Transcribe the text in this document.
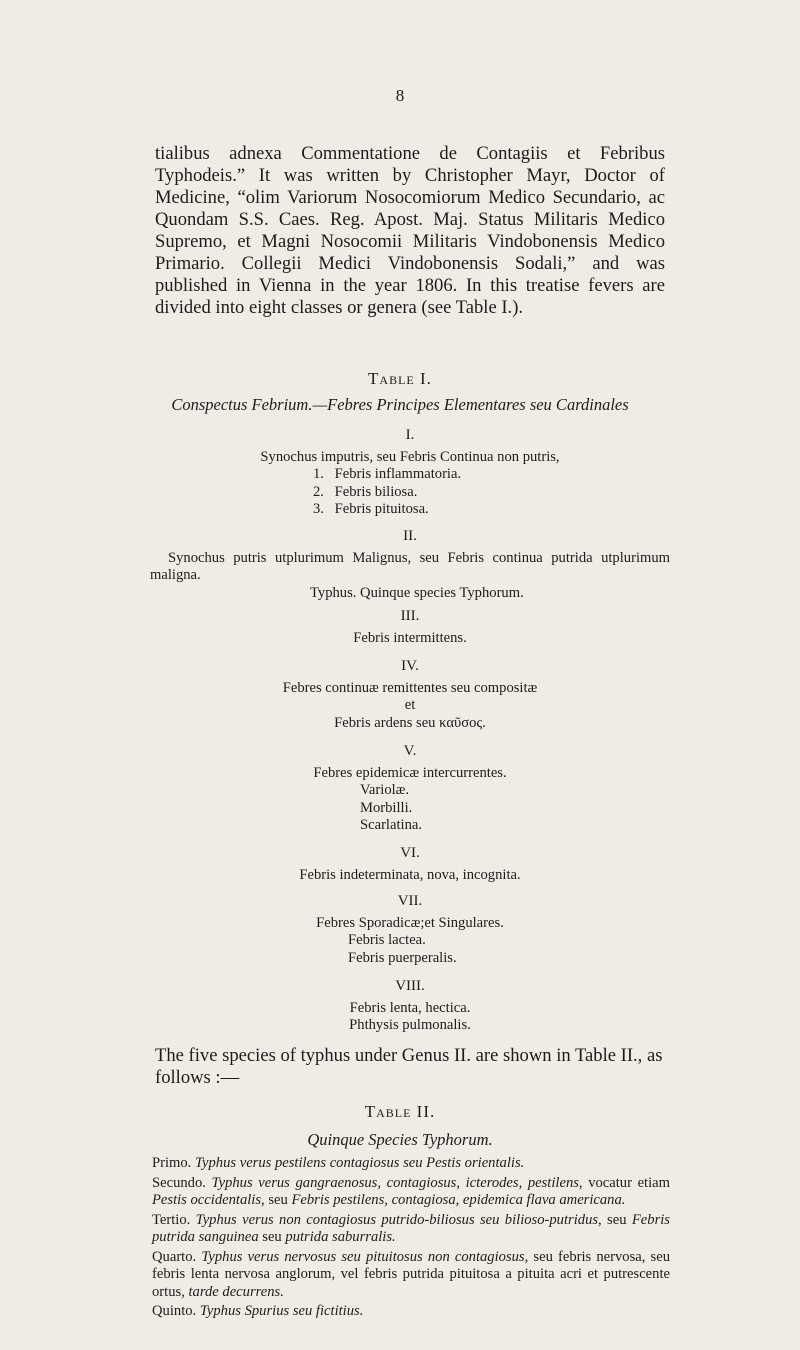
8

tialibus adnexa Commentatione de Contagiis et Febribus Typhodeis.” It was written by Christopher Mayr, Doctor of Medicine, “olim Variorum Nosocomiorum Medico Secundario, ac Quondam S.S. Caes. Reg. Apost. Maj. Status Militaris Medico Supremo, et Magni Nosocomii Militaris Vindobonensis Medico Primario. Collegii Medici Vindobonensis Sodali,” and was published in Vienna in the year 1806. In this treatise fevers are divided into eight classes or genera (see Table I.).

Table I.
Conspectus Febrium.—Febres Principes Elementares seu Cardinales
I.
Synochus imputris, seu Febris Continua non putris,
1. Febris inflammatoria.
2. Febris biliosa.
3. Febris pituitosa.
II.
Synochus putris utplurimum Malignus, seu Febris continua putrida utplurimum maligna.
Typhus. Quinque species Typhorum.
III.
Febris intermittens.
IV.
Febres continuæ remittentes seu compositæ
et
Febris ardens seu καῦσος.
V.
Febres epidemicæ intercurrentes.
Variolæ.
Morbilli.
Scarlatina.
VI.
Febris indeterminata, nova, incognita.
VII.
Febres Sporadicæ;et Singulares.
Febris lactea.
Febris puerperalis.
VIII.
Febris lenta, hectica.
Phthysis pulmonalis.

The five species of typhus under Genus II. are shown in Table II., as follows :—

Table II.
Quinque Species Typhorum.

Primo. Typhus verus pestilens contagiosus seu Pestis orientalis.

Secundo. Typhus verus gangraenosus, contagiosus, icterodes, pestilens, vocatur etiam Pestis occidentalis, seu Febris pestilens, contagiosa, epidemica flava americana.

Tertio. Typhus verus non contagiosus putrido-biliosus seu bilioso-putridus, seu Febris putrida sanguinea seu putrida saburralis.

Quarto. Typhus verus nervosus seu pituitosus non contagiosus, seu febris nervosa, seu febris lenta nervosa anglorum, vel febris putrida pituitosa a pituita acri et putrescente ortus, tarde decurrens.

Quinto. Typhus Spurius seu fictitius.
